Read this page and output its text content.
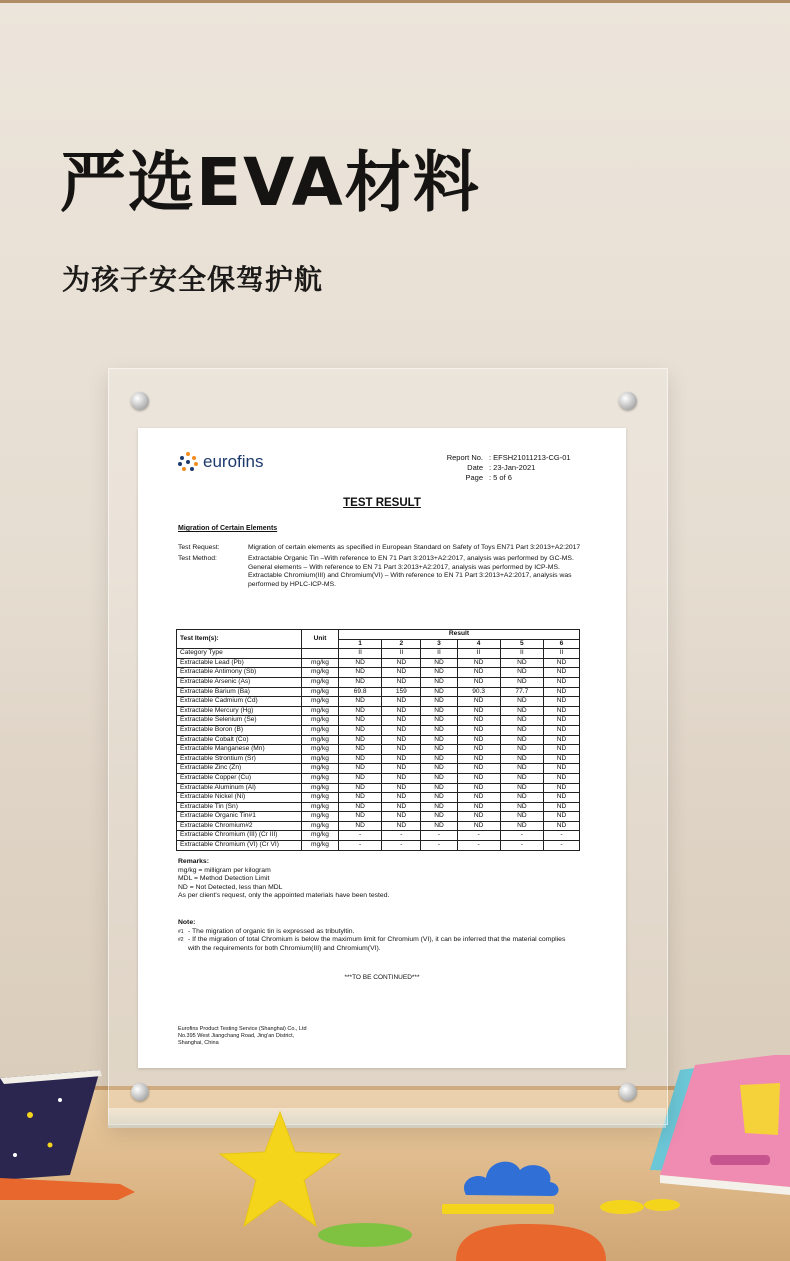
严选EVA材料
为孩子安全保驾护航
eurofins	Report No. : EFSH21011213-CG-01
Date : 23-Jan-2021
Page : 5 of 6
TEST RESULT
Migration of Certain Elements
Test Request:	Migration of certain elements as specified in European Standard on Safety of Toys EN71 Part 3:2013+A2:2017
Test Method:	Extractable Organic Tin –With reference to EN 71 Part 3:2013+A2:2017, analysis was performed by GC-MS.
General elements – With reference to EN 71 Part 3:2013+A2:2017, analysis was performed by ICP-MS.
Extractable Chromium(III) and Chromium(VI) – With reference to EN 71 Part 3:2013+A2:2017, analysis was performed by HPLC-ICP-MS.
Test Item(s):	Unit	Result					
		1	2	3	4	5	6
Category Type		II	II	II	II	II	II
Extractable Lead (Pb)	mg/kg	ND	ND	ND	ND	ND	ND
Extractable Antimony (Sb)	mg/kg	ND	ND	ND	ND	ND	ND
Extractable Arsenic (As)	mg/kg	ND	ND	ND	ND	ND	ND
Extractable Barium (Ba)	mg/kg	69.8	159	ND	90.3	77.7	ND
Extractable Cadmium (Cd)	mg/kg	ND	ND	ND	ND	ND	ND
Extractable Mercury (Hg)	mg/kg	ND	ND	ND	ND	ND	ND
Extractable Selenium (Se)	mg/kg	ND	ND	ND	ND	ND	ND
Extractable Boron (B)	mg/kg	ND	ND	ND	ND	ND	ND
Extractable Cobalt (Co)	mg/kg	ND	ND	ND	ND	ND	ND
Extractable Manganese (Mn)	mg/kg	ND	ND	ND	ND	ND	ND
Extractable Strontium (Sr)	mg/kg	ND	ND	ND	ND	ND	ND
Extractable Zinc (Zn)	mg/kg	ND	ND	ND	ND	ND	ND
Extractable Copper (Cu)	mg/kg	ND	ND	ND	ND	ND	ND
Extractable Aluminum (Al)	mg/kg	ND	ND	ND	ND	ND	ND
Extractable Nickel (Ni)	mg/kg	ND	ND	ND	ND	ND	ND
Extractable Tin (Sn)	mg/kg	ND	ND	ND	ND	ND	ND
Extractable Organic Tin#1	mg/kg	ND	ND	ND	ND	ND	ND
Extractable Chromium#2	mg/kg	ND	ND	ND	ND	ND	ND
Extractable Chromium (III) (Cr III)	mg/kg	-	-	-	-	-	-
Extractable Chromium (VI) (Cr VI)	mg/kg	-	-	-	-	-	-
Remarks:
mg/kg = milligram per kilogram
MDL = Method Detection Limit
ND = Not Detected, less than MDL
As per client's request, only the appointed materials have been tested.
Note:
#1 - The migration of organic tin is expressed as tributyltin.
#2 - If the migration of total Chromium is below the maximum limit for Chromium (VI), it can be inferred that the material complies with the requirements for both Chromium(III) and Chromium(VI).
***TO BE CONTINUED***
Eurofins Product Testing Service (Shanghai) Co., Ltd
No.395 West Jiangchang Road, Jing'an District,
Shanghai, China
